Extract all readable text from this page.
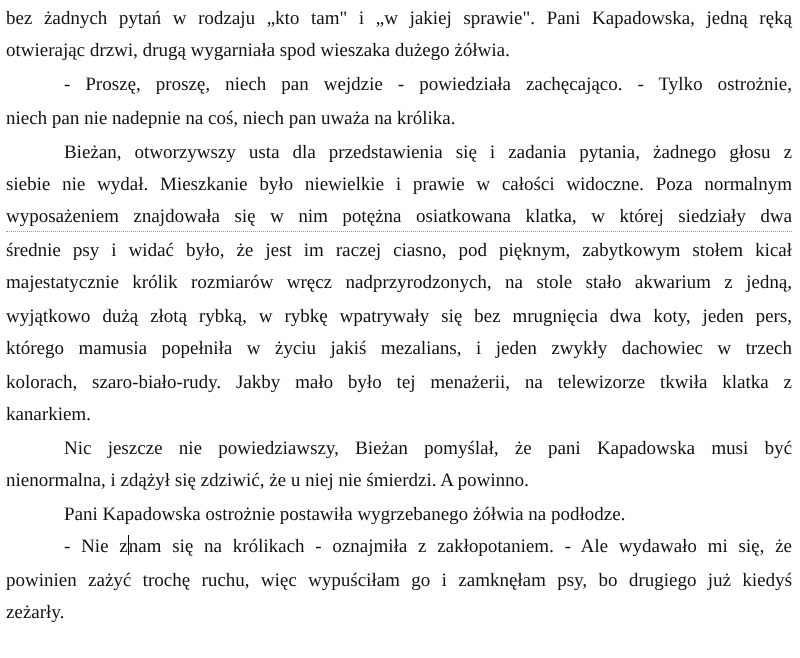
bez żadnych pytań w rodzaju „kto tam" i „w jakiej sprawie". Pani Kapadowska, jedną ręką
otwierając drzwi, drugą wygarniała spod wieszaka dużego żółwia.
- Proszę, proszę, niech pan wejdzie - powiedziała zachęcająco. - Tylko ostrożnie,
niech pan nie nadepnie na coś, niech pan uważa na królika.
Bieżan, otworzywszy usta dla przedstawienia się i zadania pytania, żadnego głosu z
siebie nie wydał. Mieszkanie było niewielkie i prawie w całości widoczne. Poza normalnym
wyposażeniem znajdowała się w nim potężna osiatkowana klatka, w której siedziały dwa
średnie psy i widać było, że jest im raczej ciasno, pod pięknym, zabytkowym stołem kicał
majestatycznie królik rozmiarów wręcz nadprzyrodzonych, na stole stało akwarium z jedną,
wyjątkowo dużą złotą rybką, w rybkę wpatrywały się bez mrugnięcia dwa koty, jeden pers,
którego mamusia popełniła w życiu jakiś mezalians, i jeden zwykły dachowiec w trzech
kolorach, szaro-biało-rudy. Jakby mało było tej menażerii, na telewizorze tkwiła klatka z
kanarkiem.
Nic jeszcze nie powiedziawszy, Bieżan pomyślał, że pani Kapadowska musi być
nienormalna, i zdążył się zdziwić, że u niej nie śmierdzi. A powinno.
Pani Kapadowska ostrożnie postawiła wygrzebanego żółwia na podłodze.
- Nie znam się na królikach - oznajmiła z zakłopotaniem. - Ale wydawało mi się, że
powinien zażyć trochę ruchu, więc wypuściłam go i zamknęłam psy, bo drugiego już kiedyś
zeżarły.
